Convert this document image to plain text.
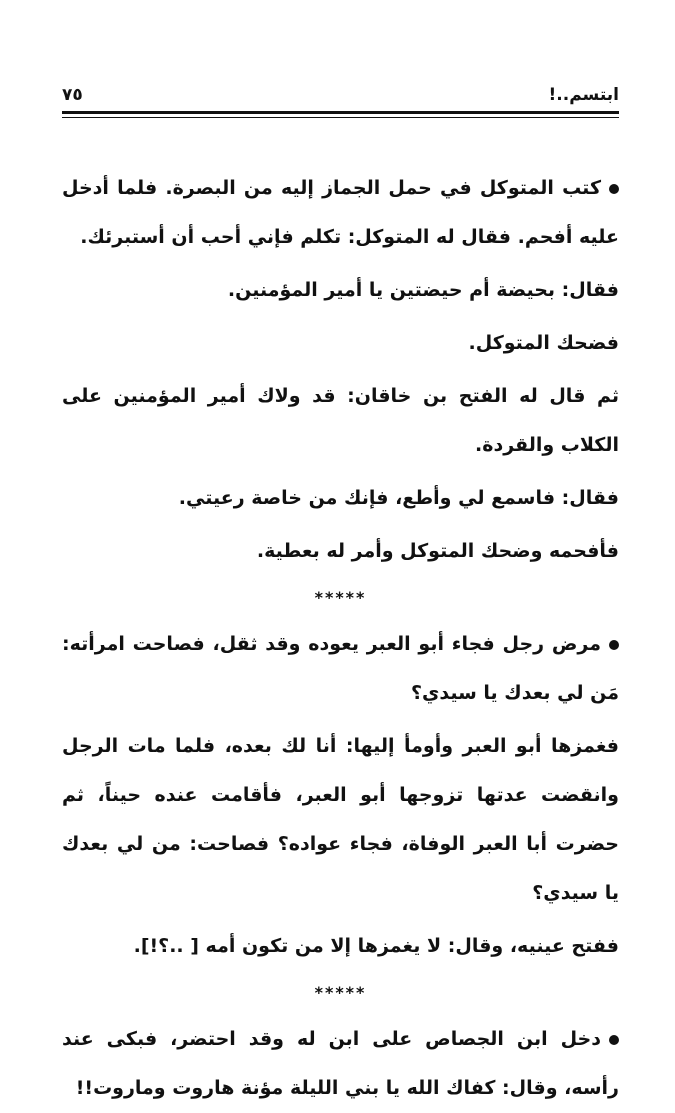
ابتسم..!
٧٥

كتب المتوكل في حمل الجماز إليه من البصرة. فلما أدخل عليه أفحم. فقال له المتوكل: تكلم فإني أحب أن أستبرئك.

فقال: بحيضة أم حيضتين يا أمير المؤمنين.

فضحك المتوكل.

ثم قال له الفتح بن خاقان: قد ولاك أمير المؤمنين على الكلاب والقردة.

فقال: فاسمع لي وأطع، فإنك من خاصة رعيتي.

فأفحمه وضحك المتوكل وأمر له بعطية.

*****

مرض رجل فجاء أبو العبر يعوده وقد ثقل، فصاحت امرأته: مَن لي بعدك يا سيدي؟

فغمزها أبو العبر وأومأ إليها: أنا لك بعده، فلما مات الرجل وانقضت عدتها تزوجها أبو العبر، فأقامت عنده حيناً، ثم حضرت أبا العبر الوفاة، فجاء عواده؟ فصاحت: من لي بعدك يا سيدي؟

ففتح عينيه، وقال: لا يغمزها إلا من تكون أمه [ ..؟!].

*****

دخل ابن الجصاص على ابن له وقد احتضر، فبكى عند رأسه، وقال: كفاك الله يا بني الليلة مؤنة هاروت وماروت!!
